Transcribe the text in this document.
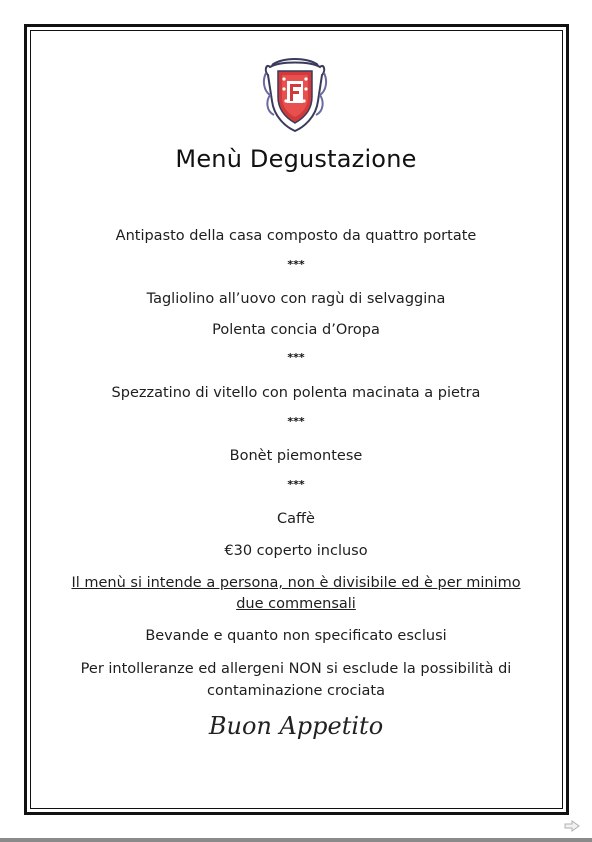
Menù Degustazione
Antipasto della casa composto da quattro portate
***
Tagliolino all’uovo con ragù di selvaggina
Polenta concia d’Oropa
***
Spezzatino di vitello con polenta macinata a pietra
***
Bonèt piemontese
***
Caffè
€30 coperto incluso
Il menù si intende a persona, non è divisibile ed è per minimo due commensali
Bevande e quanto non specificato esclusi
Per intolleranze ed allergeni NON si esclude la possibilità di contaminazione crociata
Buon Appetito
